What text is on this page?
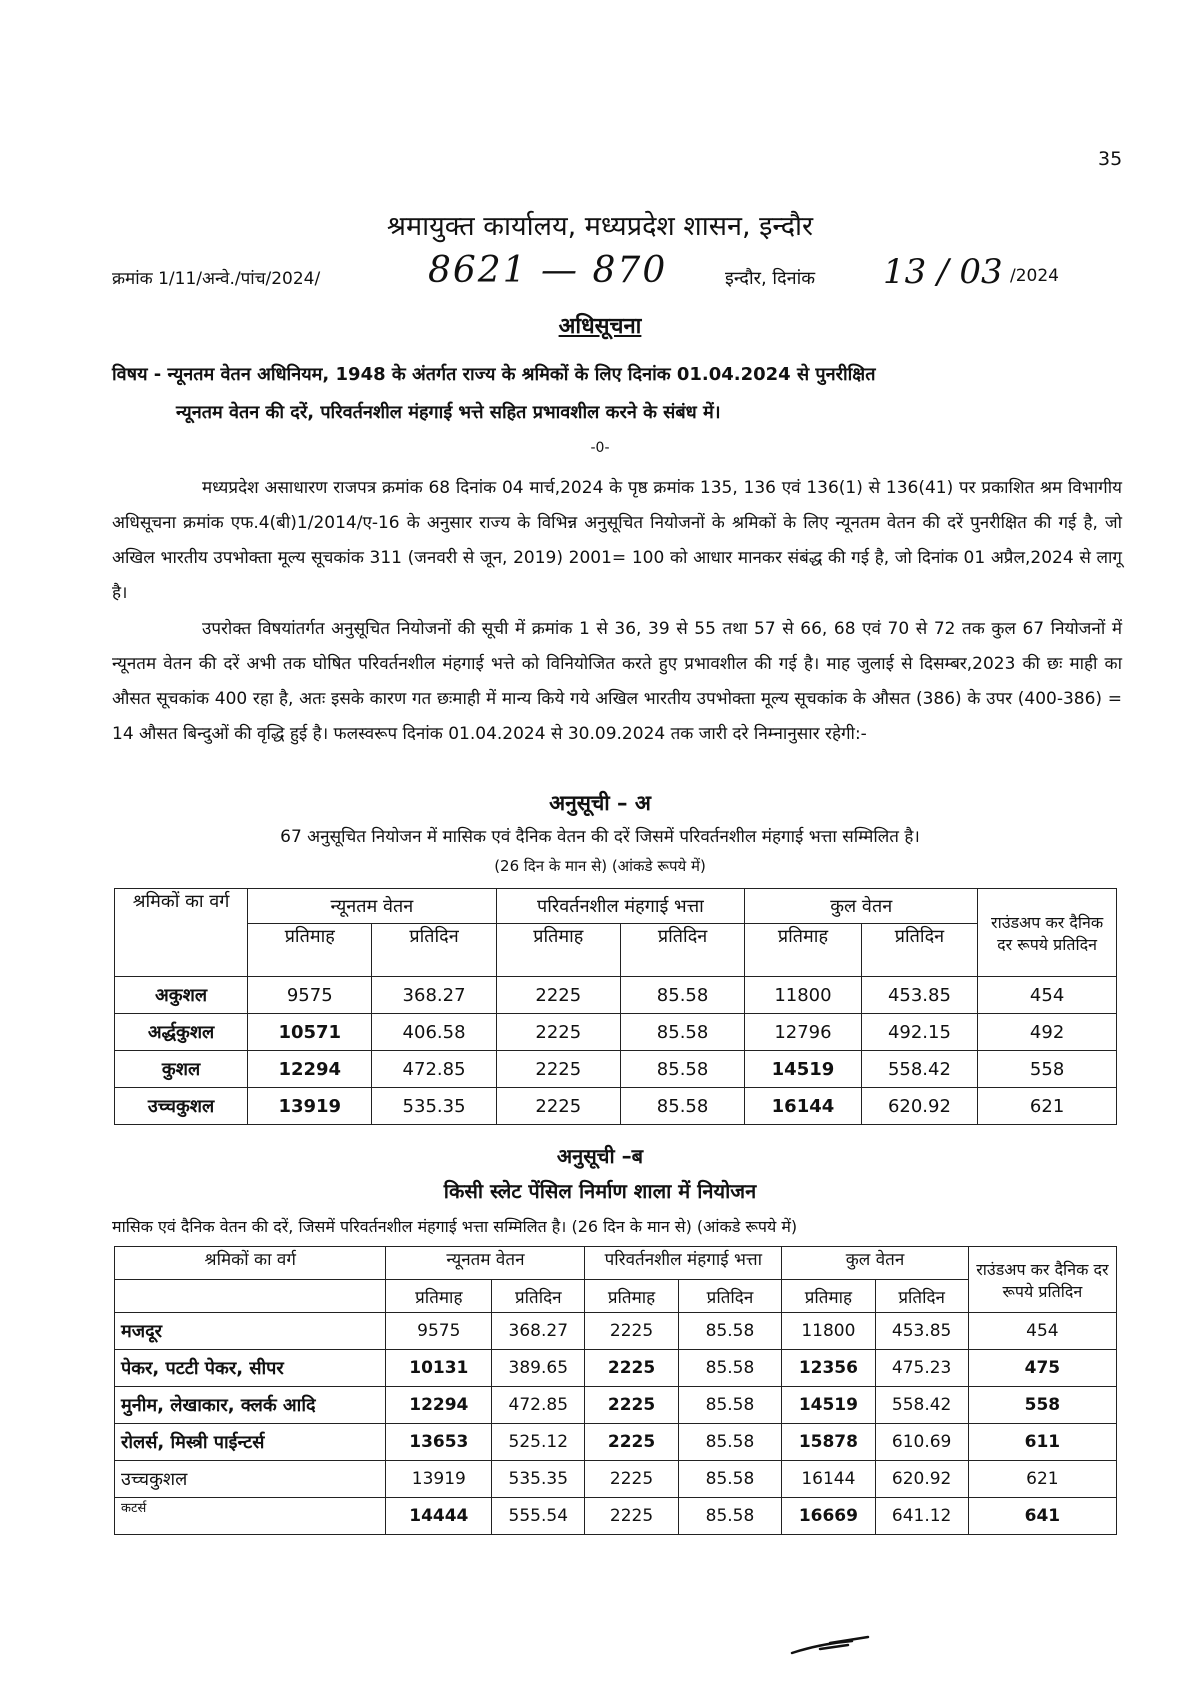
35
श्रमायुक्त कार्यालय, मध्यप्रदेश शासन, इन्दौर
क्रमांक 1/11/अन्वे./पांच/2024/	8621 — 870	इन्दौर, दिनांक 13 / 03 /2024
अधिसूचना
विषय - न्यूनतम वेतन अधिनियम, 1948 के अंतर्गत राज्य के श्रमिकों के लिए दिनांक 01.04.2024 से पुनरीक्षित
न्यूनतम वेतन की दरें, परिवर्तनशील मंहगाई भत्ते सहित प्रभावशील करने के संबंध में।
-0-
मध्यप्रदेश असाधारण राजपत्र क्रमांक 68 दिनांक 04 मार्च,2024 के पृष्ठ क्रमांक 135, 136 एवं 136(1) से 136(41) पर प्रकाशित श्रम विभागीय अधिसूचना क्रमांक एफ.4(बी)1/2014/ए-16 के अनुसार राज्य के विभिन्न अनुसूचित नियोजनों के श्रमिकों के लिए न्यूनतम वेतन की दरें पुनरीक्षित की गई है, जो अखिल भारतीय उपभोक्ता मूल्य सूचकांक 311 (जनवरी से जून, 2019) 2001= 100 को आधार मानकर संबंद्ध की गई है, जो दिनांक 01 अप्रैल,2024 से लागू है।
उपरोक्त विषयांतर्गत अनुसूचित नियोजनों की सूची में क्रमांक 1 से 36, 39 से 55 तथा 57 से 66, 68 एवं 70 से 72 तक कुल 67 नियोजनों में न्यूनतम वेतन की दरें अभी तक घोषित परिवर्तनशील मंहगाई भत्ते को विनियोजित करते हुए प्रभावशील की गई है। माह जुलाई से दिसम्बर,2023 की छः माही का औसत सूचकांक 400 रहा है, अतः इसके कारण गत छःमाही में मान्य किये गये अखिल भारतीय उपभोक्ता मूल्य सूचकांक के औसत (386) के उपर (400-386) = 14 औसत बिन्दुओं की वृद्धि हुई है। फलस्वरूप दिनांक 01.04.2024 से 30.09.2024 तक जारी दरे निम्नानुसार रहेगी:-
अनुसूची – अ
67 अनुसूचित नियोजन में मासिक एवं दैनिक वेतन की दरें जिसमें परिवर्तनशील मंहगाई भत्ता सम्मिलित है।
(26 दिन के मान से) (आंकडे रूपये में)
श्रमिकों का वर्ग	न्यूनतम वेतन		परिवर्तनशील मंहगाई भत्ता		कुल वेतन		राउंडअप कर दैनिक दर रूपये प्रतिदिन
	प्रतिमाह	प्रतिदिन	प्रतिमाह	प्रतिदिन	प्रतिमाह	प्रतिदिन	
अकुशल	9575	368.27	2225	85.58	11800	453.85	454
अर्द्धकुशल	10571	406.58	2225	85.58	12796	492.15	492
कुशल	12294	472.85	2225	85.58	14519	558.42	558
उच्चकुशल	13919	535.35	2225	85.58	16144	620.92	621
अनुसूची –ब
किसी स्लेट पेंसिल निर्माण शाला में नियोजन
मासिक एवं दैनिक वेतन की दरें, जिसमें परिवर्तनशील मंहगाई भत्ता सम्मिलित है। (26 दिन के मान से) (आंकडे रूपये में)
श्रमिकों का वर्ग	न्यूनतम वेतन		परिवर्तनशील मंहगाई भत्ता		कुल वेतन		राउंडअप कर दैनिक दर रूपये प्रतिदिन

	प्रतिमाह	प्रतिदिन	प्रतिमाह	प्रतिदिन	प्रतिमाह	प्रतिदिन	
मजदूर	9575	368.27	2225	85.58	11800	453.85	454
पेकर, पटटी पेकर, सीपर	10131	389.65	2225	85.58	12356	475.23	475
मुनीम, लेखाकार, क्लर्क आदि	12294	472.85	2225	85.58	14519	558.42	558
रोलर्स, मिस्त्री पाईन्टर्स	13653	525.12	2225	85.58	15878	610.69	611
उच्चकुशल	13919	535.35	2225	85.58	16144	620.92	621
कटर्स	14444	555.54	2225	85.58	16669	641.12	641
